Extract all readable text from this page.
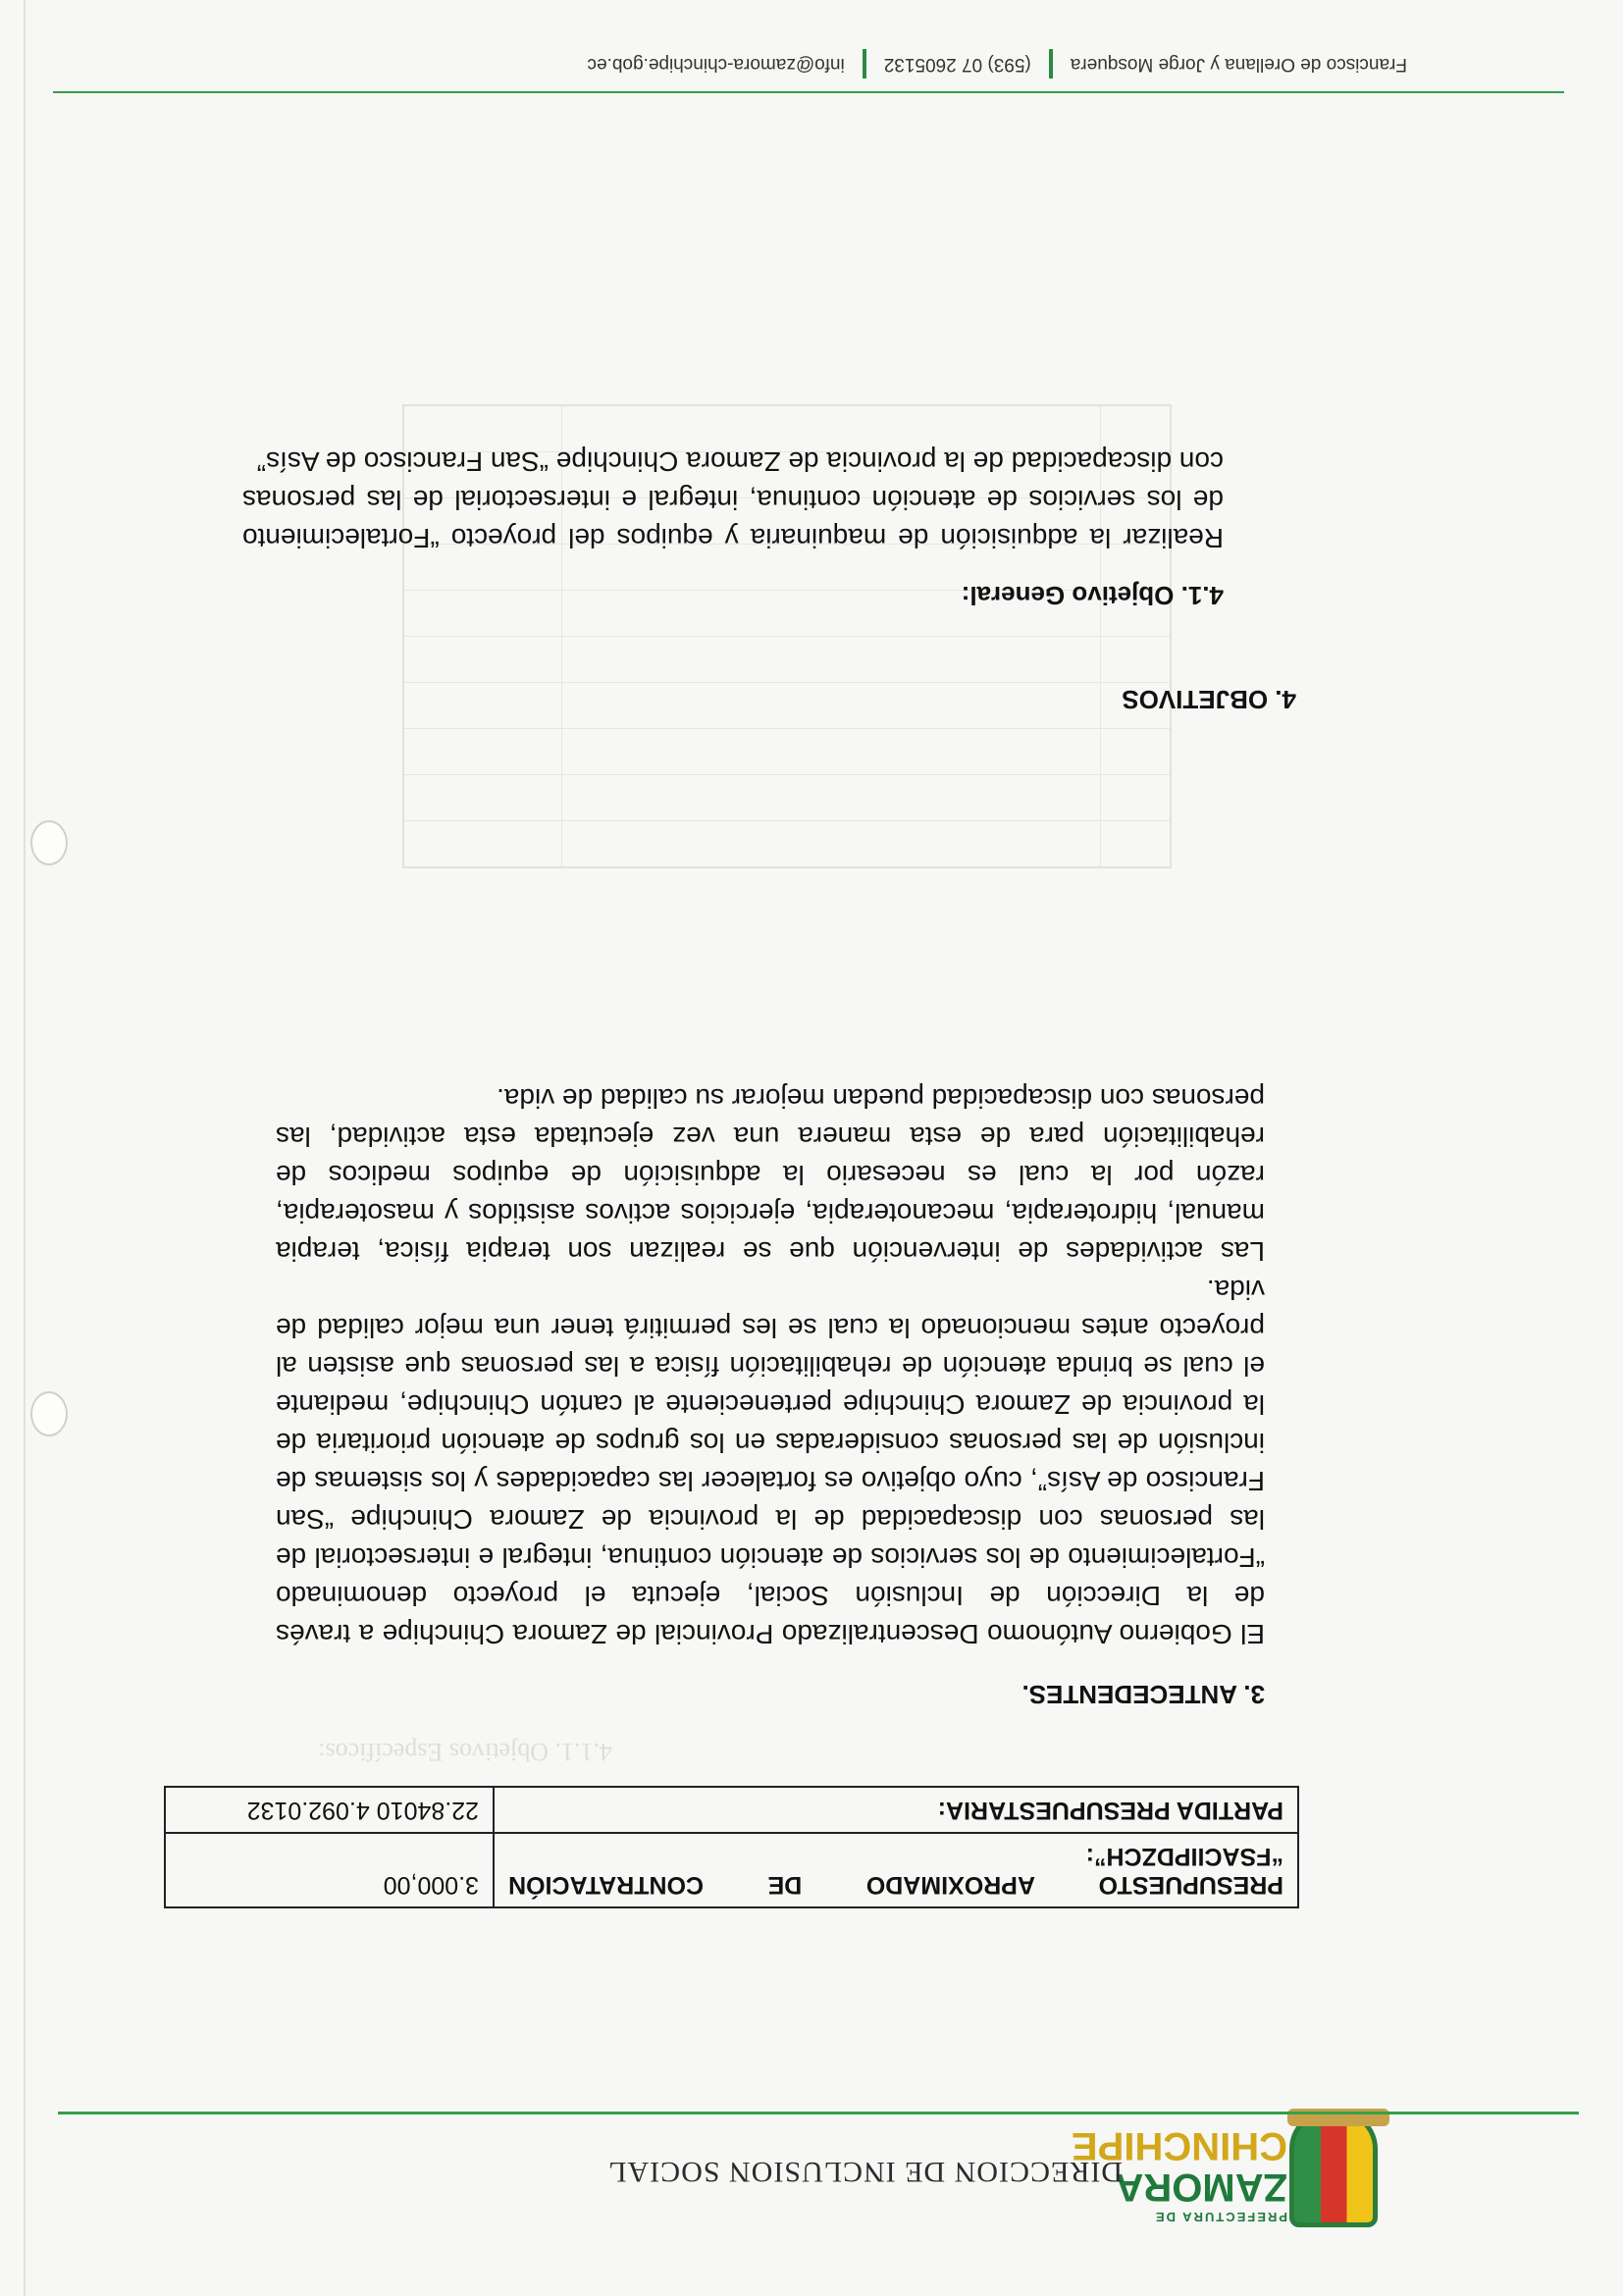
4.1.1. Objetivos Específicos:
PREFECTURA DE
ZAMORA
CHINCHIPE
DIRECCION DE INCLUSION SOCIAL
PRESUPUESTO APROXIMADO DE CONTRATACIÓN
“FSACIIPDZCH”:	3.000,00
PARTIDA PRESUPUESTARIA:	22.84010 4.092.0132
3. ANTECEDENTES.
El Gobierno Autónomo Descentralizado Provincial de Zamora Chinchipe a través de la Dirección de Inclusión Social, ejecuta el proyecto denominado “Fortalecimiento de los servicios de atención continua, integral e intersectorial de las personas con discapacidad de la provincia de Zamora Chinchipe “San Francisco de Asís”, cuyo objetivo es fortalecer las capacidades y los sistemas de inclusión de las personas consideradas en los grupos de atención prioritaria de la provincia de Zamora Chinchipe perteneciente al cantón Chinchipe, mediante el cual se brinda atención de rehabilitación física a las personas que asisten al proyecto antes mencionado la cual se les permitirá tener una mejor calidad de vida.
Las actividades de intervención que se realizan son terapia física, terapia manual, hidroterapia, mecanoterapia, ejercicios activos asistidos y masoterapia, razón por la cual es necesario la adquisición de equipos medicos de rehabilitación para de esta manera una vez ejecutada esta actividad, las personas con discapacidad puedan mejorar su calidad de vida.
4. OBJETIVOS
4.1. Objetivo General:
Realizar la adquisición de maquinaria y equipos del proyecto “Fortalecimiento de los servicios de atención continua, integral e intersectorial de las personas con discapacidad de la provincia de Zamora Chinchipe “San Francisco de Asís”
Francisco de Orellana y Jorge Mosquera
(593) 07 2605132
info@zamora-chinchipe.gob.ec
